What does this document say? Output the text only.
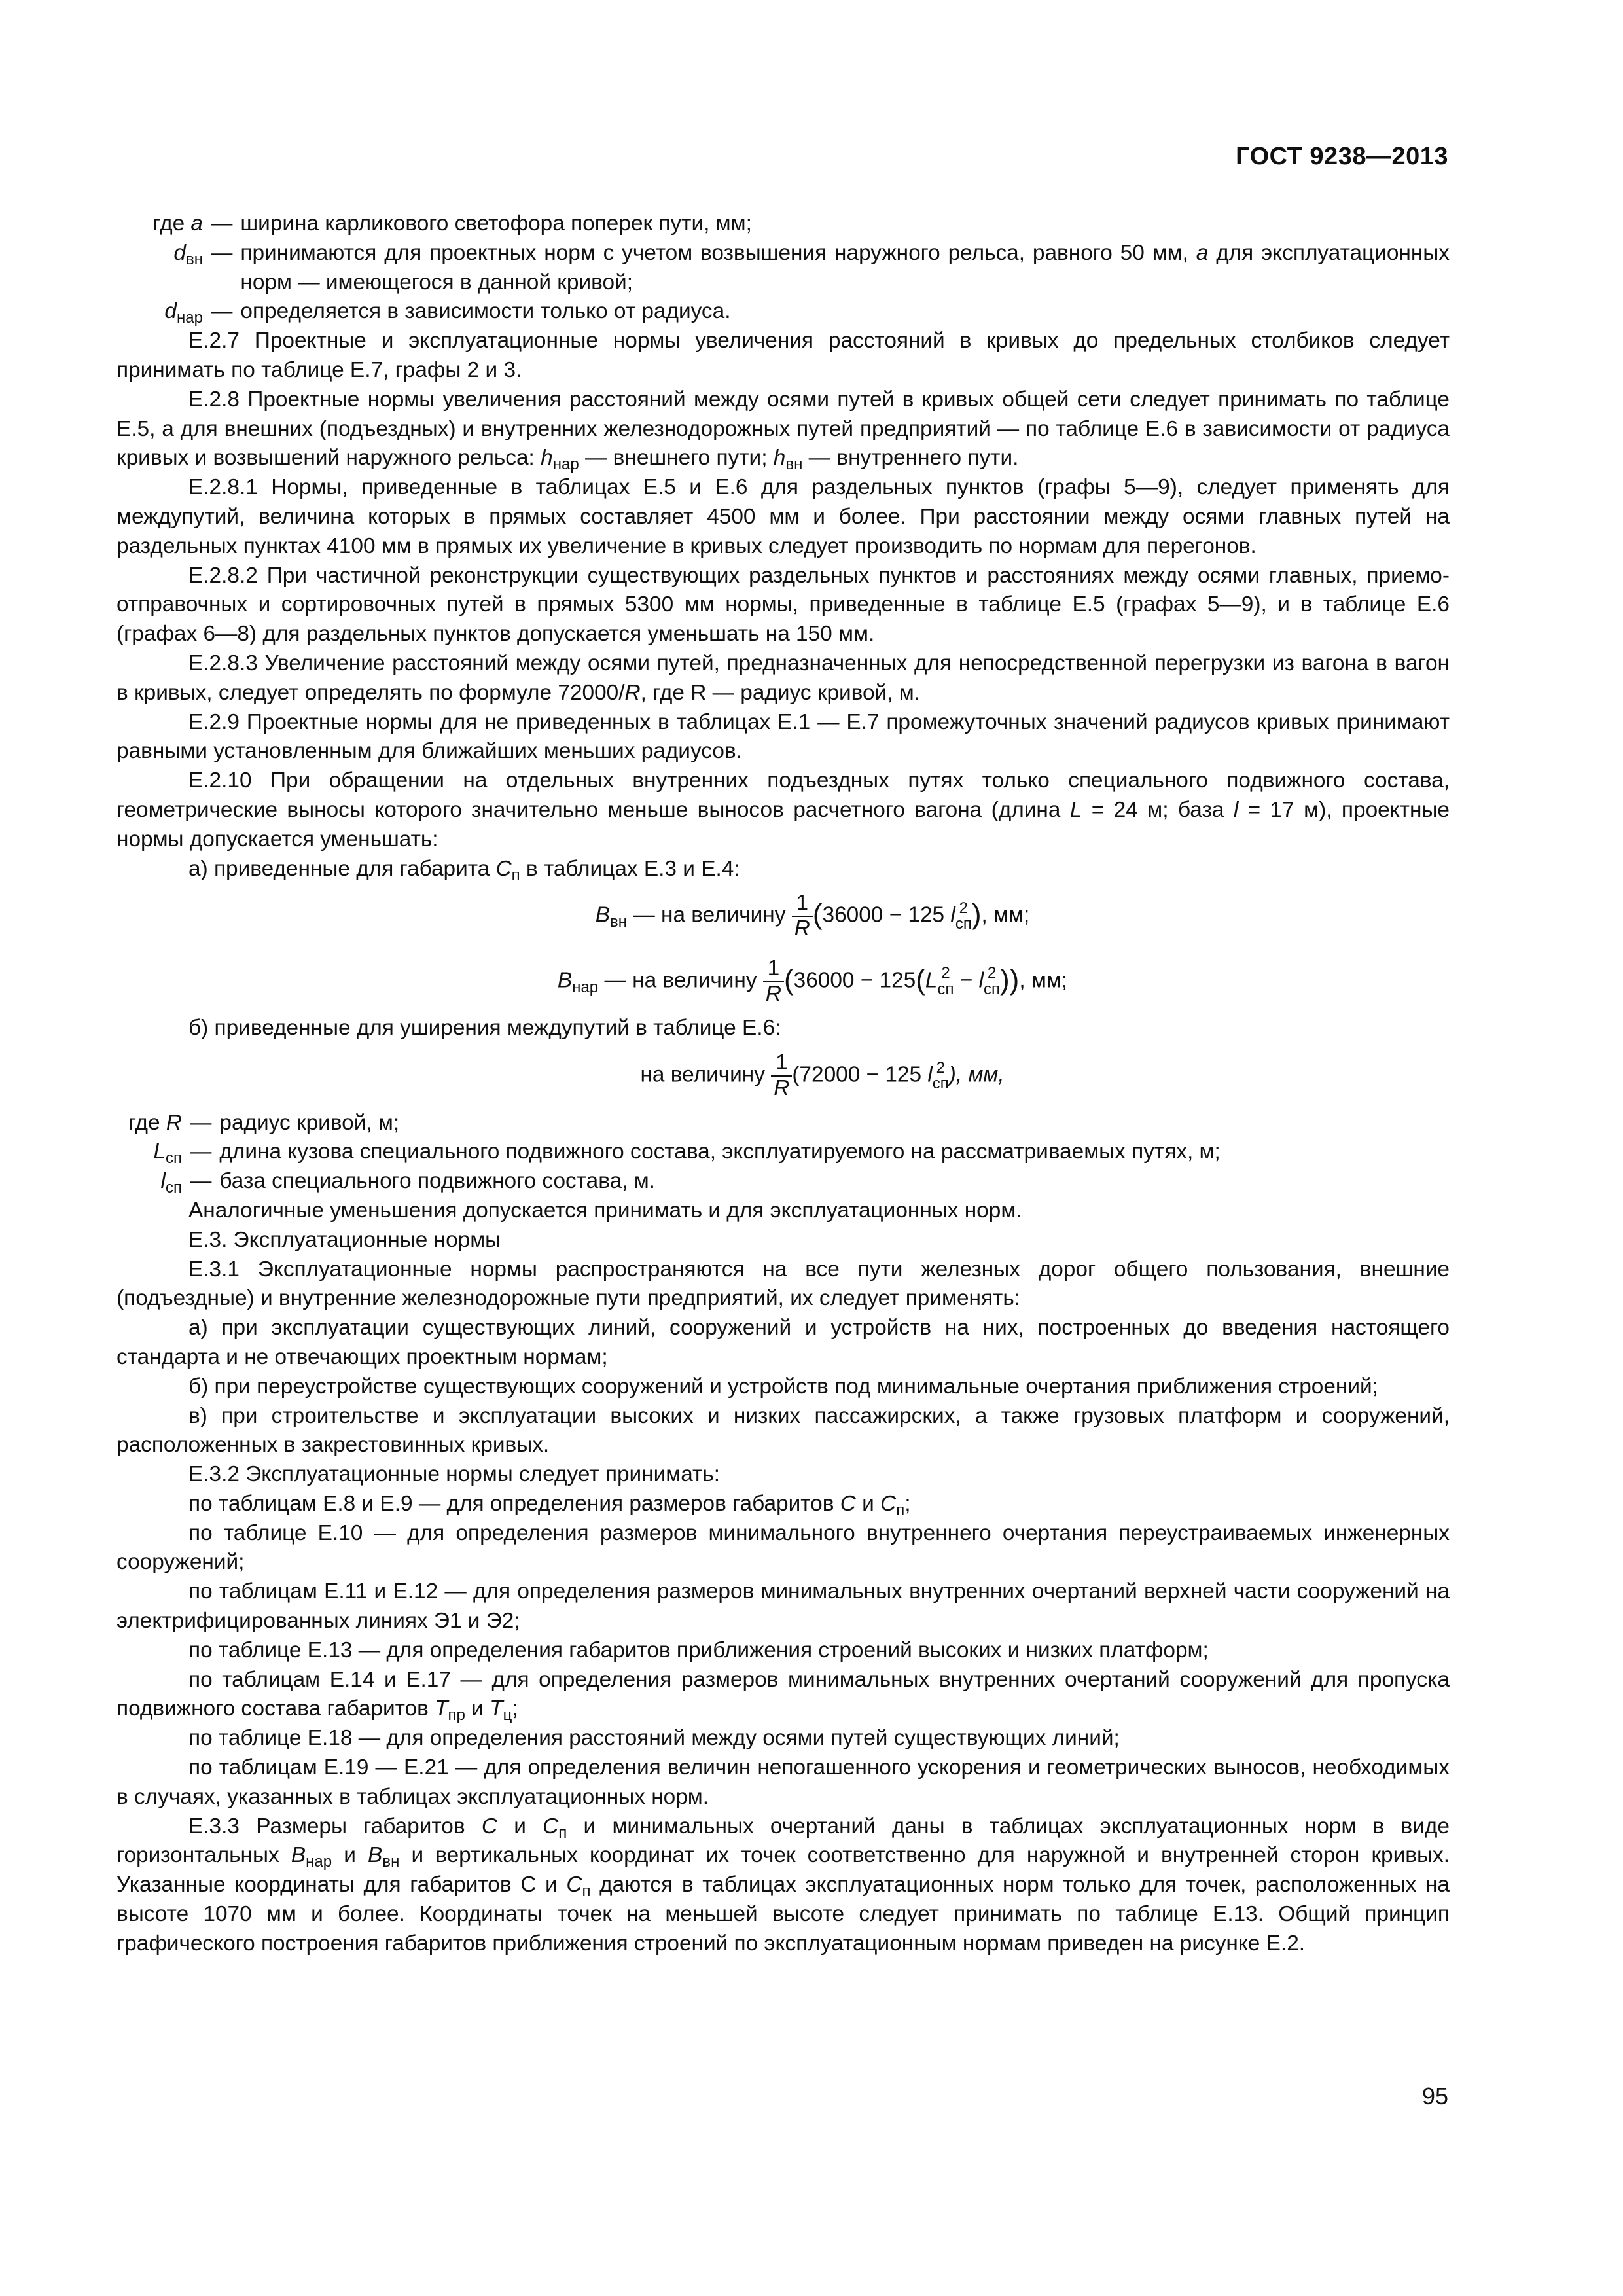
ГОСТ 9238—2013
где a — ширина карликового светофора поперек пути, мм;
$d_{вн}$ — принимаются для проектных норм с учетом возвышения наружного рельса, равного 50 мм, a для эксплуатационных норм — имеющегося в данной кривой;
$d_{нар}$ — определяется в зависимости только от радиуса.

Е.2.7 Проектные и эксплуатационные нормы увеличения расстояний в кривых до предельных столбиков следует принимать по таблице Е.7, графы 2 и 3.

Е.2.8 Проектные нормы увеличения расстояний между осями путей в кривых общей сети следует принимать по таблице Е.5, а для внешних (подъездных) и внутренних железнодорожных путей предприятий — по таблице Е.6 в зависимости от радиуса кривых и возвышений наружного рельса: $h_{нар}$ — внешнего пути; $h_{вн}$ — внутреннего пути.

Е.2.8.1 Нормы, приведенные в таблицах Е.5 и Е.6 для раздельных пунктов (графы 5—9), следует применять для междупутий, величина которых в прямых составляет 4500 мм и более. При расстоянии между осями главных путей на раздельных пунктах 4100 мм в прямых их увеличение в кривых следует производить по нормам для перегонов.

Е.2.8.2 При частичной реконструкции существующих раздельных пунктов и расстояниях между осями главных, приемо-отправочных и сортировочных путей в прямых 5300 мм нормы, приведенные в таблице Е.5 (графах 5—9), и в таблице Е.6 (графах 6—8) для раздельных пунктов допускается уменьшать на 150 мм.

Е.2.8.3 Увеличение расстояний между осями путей, предназначенных для непосредственной перегрузки из вагона в вагон в кривых, следует определять по формуле 72000/R, где R — радиус кривой, м.

Е.2.9 Проектные нормы для не приведенных в таблицах Е.1 — Е.7 промежуточных значений радиусов кривых принимают равными установленным для ближайших меньших радиусов.

Е.2.10 При обращении на отдельных внутренних подъездных путях только специального подвижного состава, геометрические выносы которого значительно меньше выносов расчетного вагона (длина L = 24 м; база l = 17 м), проектные нормы допускается уменьшать:

а) приведенные для габарита $C_п$ в таблицах Е.3 и Е.4:

$B_{вн}$ — на величину $\frac{1}{R} (36000 - 125$ l 2
сп ), мм;
$B_{нар}$ — на величину $\frac{1}{R} (36000 - 125(L$ 2
сп − l 2
сп )), мм;

б) приведенные для уширения междупутий в таблице Е.6:

на величину $\frac{1}{R} (72000 - 125$ l 2
сп ), мм,
где R — радиус кривой, м;
$L_{сп}$ — длина кузова специального подвижного состава, эксплуатируемого на рассматриваемых путях, м;
$l_{сп}$ — база специального подвижного состава, м.

Аналогичные уменьшения допускается принимать и для эксплуатационных норм.

Е.3. Эксплуатационные нормы

Е.3.1 Эксплуатационные нормы распространяются на все пути железных дорог общего пользования, внешние (подъездные) и внутренние железнодорожные пути предприятий, их следует применять:

а) при эксплуатации существующих линий, сооружений и устройств на них, построенных до введения настоящего стандарта и не отвечающих проектным нормам;

б) при переустройстве существующих сооружений и устройств под минимальные очертания приближения строений;

в) при строительстве и эксплуатации высоких и низких пассажирских, а также грузовых платформ и сооружений, расположенных в закрестовинных кривых.

Е.3.2 Эксплуатационные нормы следует принимать:

по таблицам Е.8 и Е.9 — для определения размеров габаритов C и $C_п$;

по таблице Е.10 — для определения размеров минимального внутреннего очертания переустраиваемых инженерных сооружений;

по таблицам Е.11 и Е.12 — для определения размеров минимальных внутренних очертаний верхней части сооружений на электрифицированных линиях Э1 и Э2;

по таблице Е.13 — для определения габаритов приближения строений высоких и низких платформ;

по таблицам Е.14 и Е.17 — для определения размеров минимальных внутренних очертаний сооружений для пропуска подвижного состава габаритов $T_{пр}$ и $T_ц$;

по таблице Е.18 — для определения расстояний между осями путей существующих линий;

по таблицам Е.19 — Е.21 — для определения величин непогашенного ускорения и геометрических выносов, необходимых в случаях, указанных в таблицах эксплуатационных норм.

Е.3.3 Размеры габаритов C и $C_п$ и минимальных очертаний даны в таблицах эксплуатационных норм в виде горизонтальных $B_{нар}$ и $B_{вн}$ и вертикальных координат их точек соответственно для наружной и внутренней сторон кривых. Указанные координаты для габаритов С и $C_п$ даются в таблицах эксплуатационных норм только для точек, расположенных на высоте 1070 мм и более. Координаты точек на меньшей высоте следует принимать по таблице Е.13. Общий принцип графического построения габаритов приближения строений по эксплуатационным нормам приведен на рисунке Е.2.

95
